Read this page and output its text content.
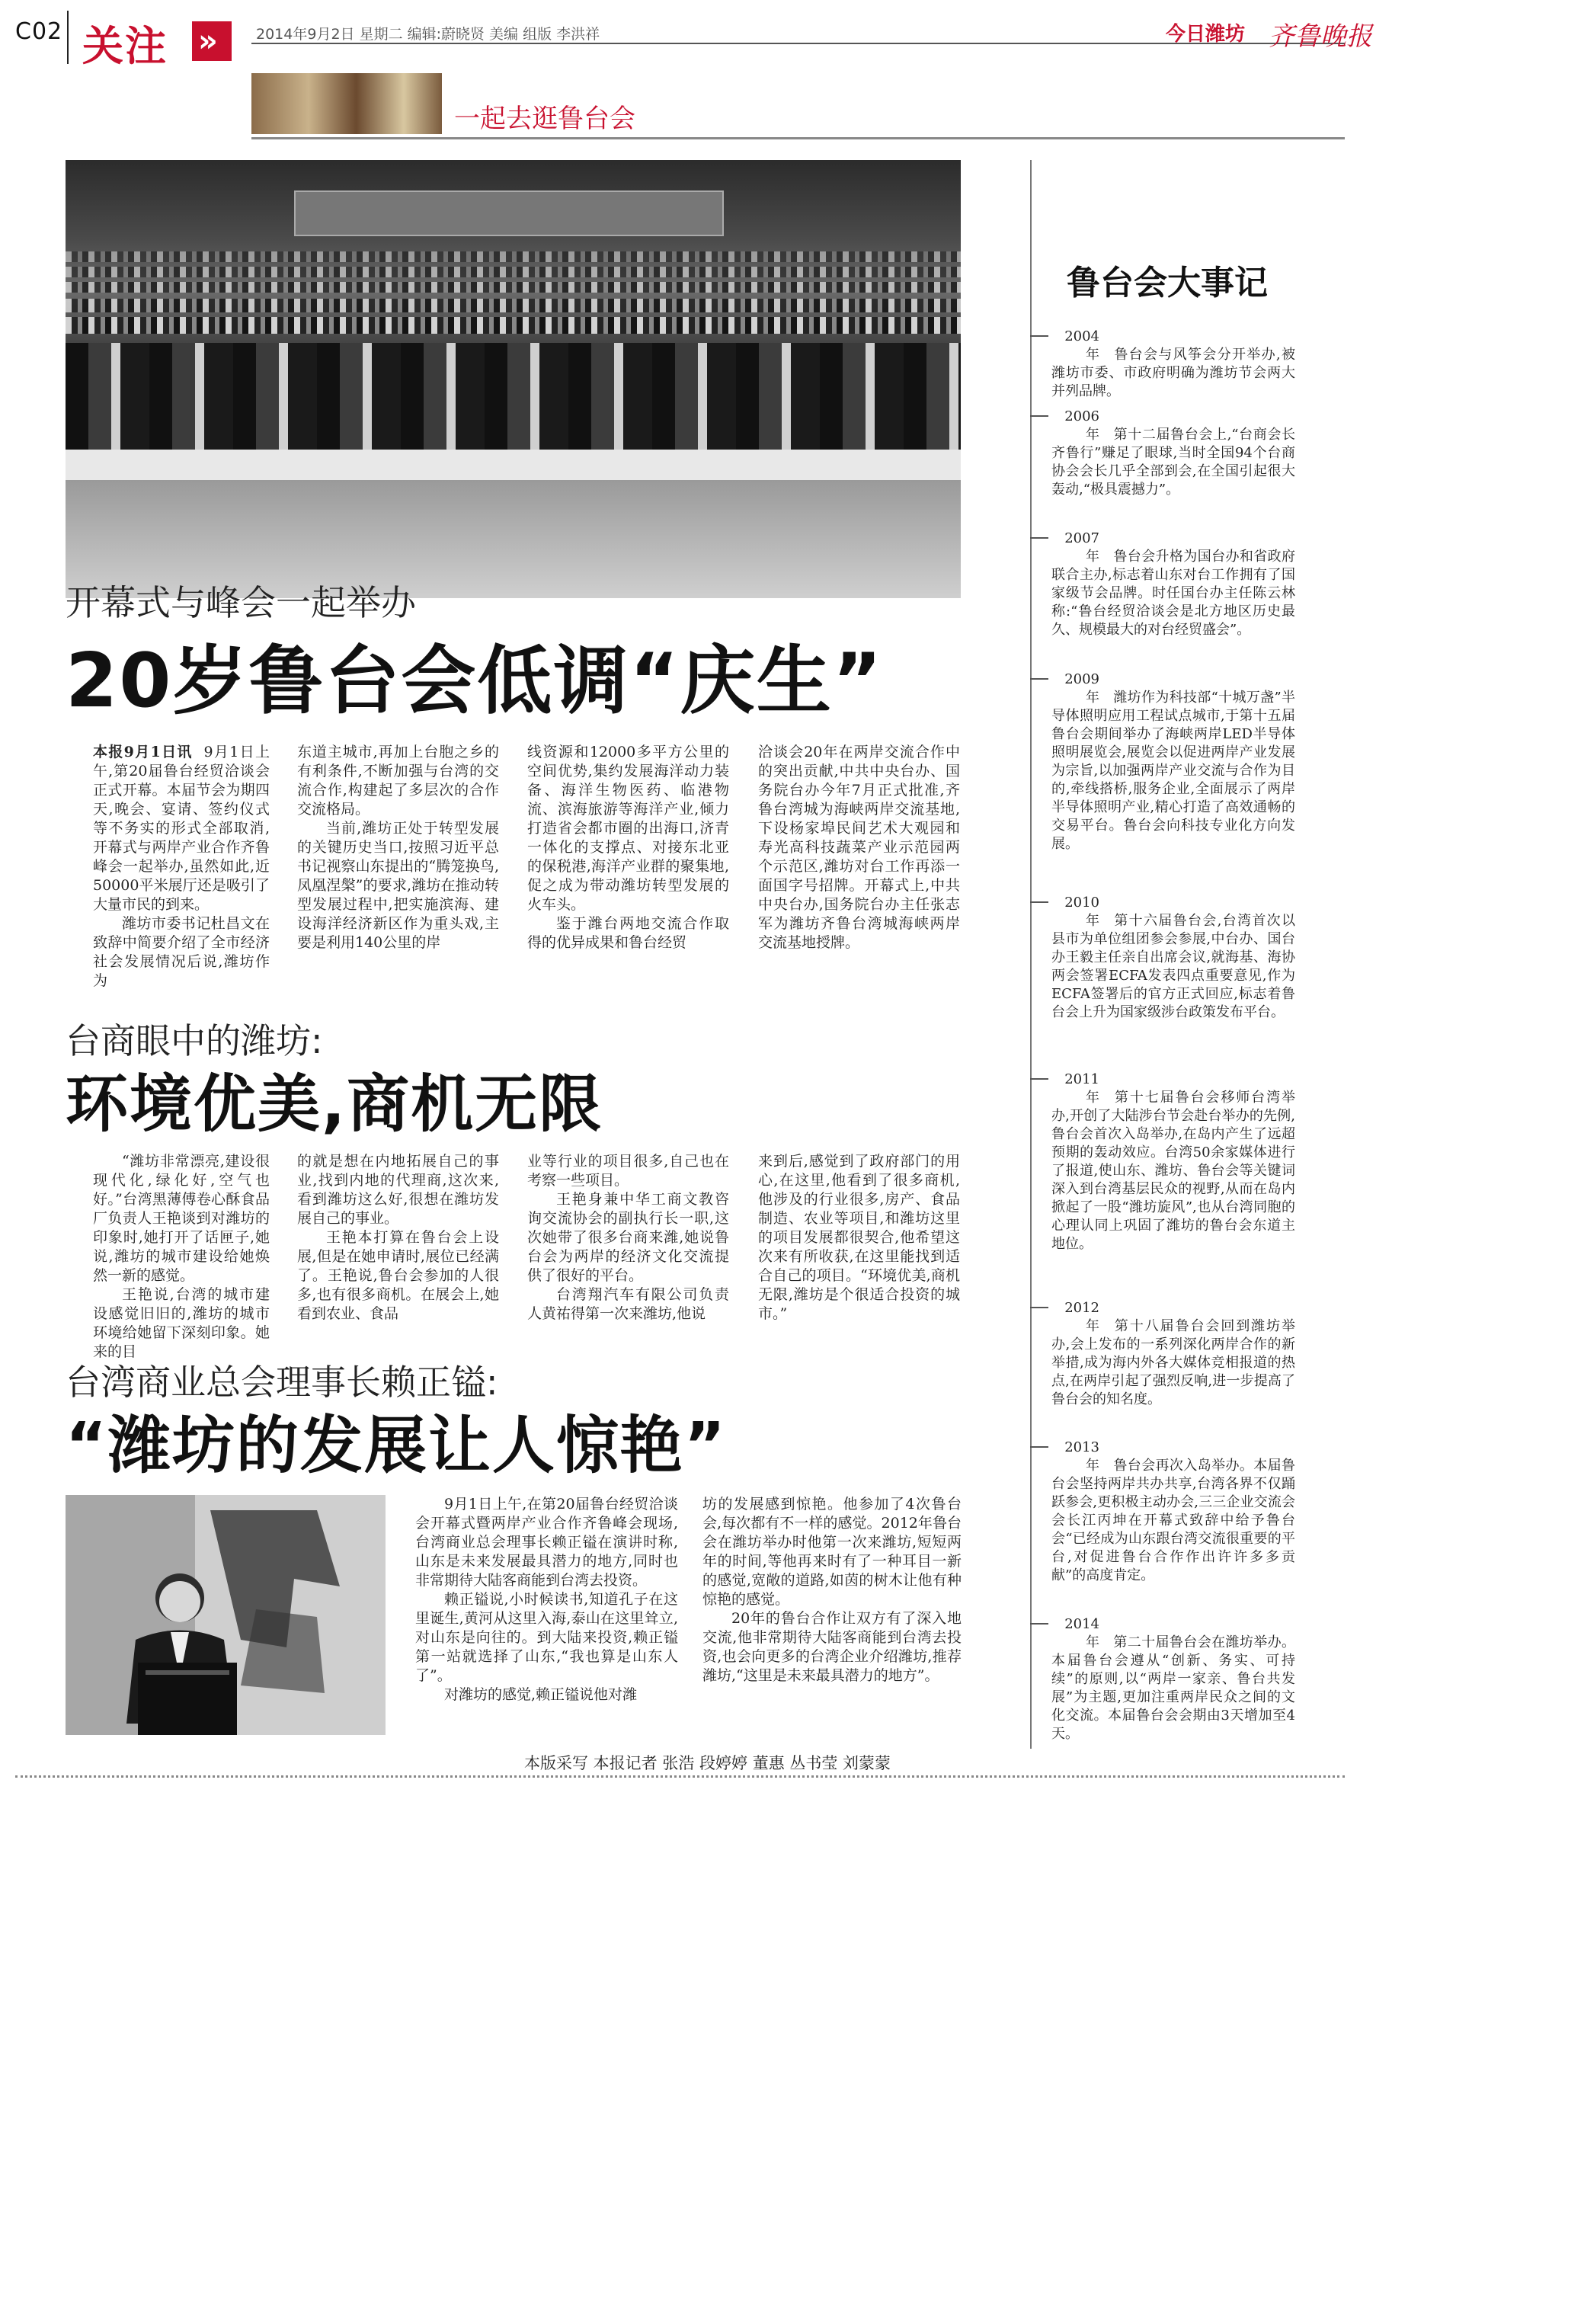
C02 关注 »	2014年9月2日 星期二 编辑:蔚晓贤 美编 组版 李洪祥	今日潍坊 齐鲁晚报
一起去逛鲁台会
开幕式与峰会一起举办
20岁鲁台会低调“庆生”

本报9月1日讯 9月1日上午,第20届鲁台经贸洽谈会正式开幕。本届节会为期四天,晚会、宴请、签约仪式等不务实的形式全部取消,开幕式与两岸产业合作齐鲁峰会一起举办,虽然如此,近50000平米展厅还是吸引了大量市民的到来。

潍坊市委书记杜昌文在致辞中简要介绍了全市经济社会发展情况后说,潍坊作为

东道主城市,再加上台胞之乡的有利条件,不断加强与台湾的交流合作,构建起了多层次的合作交流格局。

当前,潍坊正处于转型发展的关键历史当口,按照习近平总书记视察山东提出的“腾笼换鸟,凤凰涅槃”的要求,潍坊在推动转型发展过程中,把实施滨海、建设海洋经济新区作为重头戏,主要是利用140公里的岸

线资源和12000多平方公里的空间优势,集约发展海洋动力装备、海洋生物医药、临港物流、滨海旅游等海洋产业,倾力打造省会都市圈的出海口,济青一体化的支撑点、对接东北亚的保税港,海洋产业群的聚集地,促之成为带动潍坊转型发展的火车头。

鉴于潍台两地交流合作取得的优异成果和鲁台经贸

洽谈会20年在两岸交流合作中的突出贡献,中共中央台办、国务院台办今年7月正式批准,齐鲁台湾城为海峡两岸交流基地,下设杨家埠民间艺术大观园和寿光高科技蔬菜产业示范园两个示范区,潍坊对台工作再添一面国字号招牌。开幕式上,中共中央台办,国务院台办主任张志军为潍坊齐鲁台湾城海峡两岸交流基地授牌。

台商眼中的潍坊:
环境优美,商机无限

“潍坊非常漂亮,建设很现代化,绿化好,空气也好。”台湾黑薄傅卷心酥食品厂负责人王艳谈到对潍坊的印象时,她打开了话匣子,她说,潍坊的城市建设给她焕然一新的感觉。

王艳说,台湾的城市建设感觉旧旧的,潍坊的城市环境给她留下深刻印象。她来的目

的就是想在内地拓展自己的事业,找到内地的代理商,这次来,看到潍坊这么好,很想在潍坊发展自己的事业。

王艳本打算在鲁台会上设展,但是在她申请时,展位已经满了。王艳说,鲁台会参加的人很多,也有很多商机。在展会上,她看到农业、食品

业等行业的项目很多,自己也在考察一些项目。

王艳身兼中华工商文教咨询交流协会的副执行长一职,这次她带了很多台商来潍,她说鲁台会为两岸的经济文化交流提供了很好的平台。

台湾翔汽车有限公司负责人黄祐得第一次来潍坊,他说

来到后,感觉到了政府部门的用心,在这里,他看到了很多商机,他涉及的行业很多,房产、食品制造、农业等项目,和潍坊这里的项目发展都很契合,他希望这次来有所收获,在这里能找到适合自己的项目。“环境优美,商机无限,潍坊是个很适合投资的城市。”

台湾商业总会理事长赖正镒:
“潍坊的发展让人惊艳”

9月1日上午,在第20届鲁台经贸洽谈会开幕式暨两岸产业合作齐鲁峰会现场,台湾商业总会理事长赖正镒在演讲时称,山东是未来发展最具潜力的地方,同时也非常期待大陆客商能到台湾去投资。

赖正镒说,小时候读书,知道孔子在这里诞生,黄河从这里入海,泰山在这里耸立,对山东是向往的。到大陆来投资,赖正镒第一站就选择了山东,“我也算是山东人了”。

对潍坊的感觉,赖正镒说他对潍

坊的发展感到惊艳。他参加了4次鲁台会,每次都有不一样的感觉。2012年鲁台会在潍坊举办时他第一次来潍坊,短短两年的时间,等他再来时有了一种耳目一新的感觉,宽敞的道路,如茵的树木让他有种惊艳的感觉。

20年的鲁台合作让双方有了深入地交流,他非常期待大陆客商能到台湾去投资,也会向更多的台湾企业介绍潍坊,推荐潍坊,“这里是未来最具潜力的地方”。

本版采写 本报记者 张浩 段婷婷 董惠 丛书莹 刘蒙蒙
鲁台会大事记
2004年 鲁台会与风筝会分开举办,被潍坊市委、市政府明确为潍坊节会两大并列品牌。
2006年 第十二届鲁台会上,“台商会长齐鲁行”赚足了眼球,当时全国94个台商协会会长几乎全部到会,在全国引起很大轰动,“极具震撼力”。
2007年 鲁台会升格为国台办和省政府联合主办,标志着山东对台工作拥有了国家级节会品牌。时任国台办主任陈云林称:“鲁台经贸洽谈会是北方地区历史最久、规模最大的对台经贸盛会”。
2009年 潍坊作为科技部“十城万盏”半导体照明应用工程试点城市,于第十五届鲁台会期间举办了海峡两岸LED半导体照明展览会,展览会以促进两岸产业发展为宗旨,以加强两岸产业交流与合作为目的,牵线搭桥,服务企业,全面展示了两岸半导体照明产业,精心打造了高效通畅的交易平台。鲁台会向科技专业化方向发展。
2010年 第十六届鲁台会,台湾首次以县市为单位组团参会参展,中台办、国台办王毅主任亲自出席会议,就海基、海协两会签署ECFA发表四点重要意见,作为ECFA签署后的官方正式回应,标志着鲁台会上升为国家级涉台政策发布平台。
2011年 第十七届鲁台会移师台湾举办,开创了大陆涉台节会赴台举办的先例,鲁台会首次入岛举办,在岛内产生了远超预期的轰动效应。台湾50余家媒体进行了报道,使山东、潍坊、鲁台会等关键词深入到台湾基层民众的视野,从而在岛内掀起了一股“潍坊旋风”,也从台湾同胞的心理认同上巩固了潍坊的鲁台会东道主地位。
2012年 第十八届鲁台会回到潍坊举办,会上发布的一系列深化两岸合作的新举措,成为海内外各大媒体竞相报道的热点,在两岸引起了强烈反响,进一步提高了鲁台会的知名度。
2013年 鲁台会再次入岛举办。本届鲁台会坚持两岸共办共享,台湾各界不仅踊跃参会,更积极主动办会,三三企业交流会会长江丙坤在开幕式致辞中给予鲁台会“已经成为山东跟台湾交流很重要的平台,对促进鲁台合作作出许许多多贡献”的高度肯定。
2014年 第二十届鲁台会在潍坊举办。本届鲁台会遵从“创新、务实、可持续”的原则,以“两岸一家亲、鲁台共发展”为主题,更加注重两岸民众之间的文化交流。本届鲁台会会期由3天增加至4天。
